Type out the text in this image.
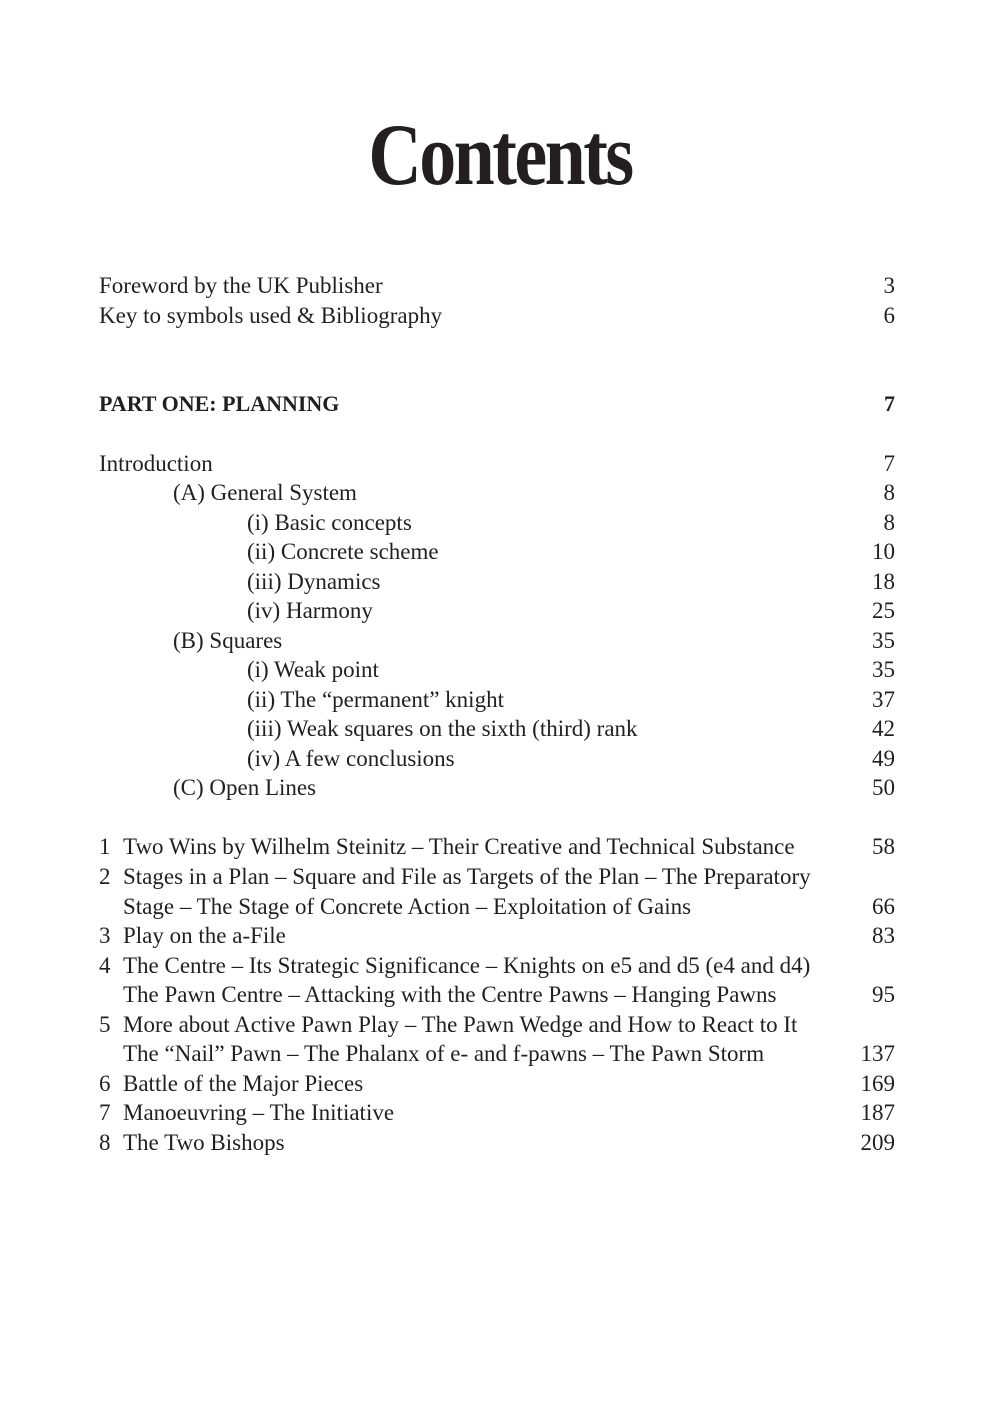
Contents
Foreword by the UK Publisher	3
Key to symbols used & Bibliography	6
PART ONE: PLANNING	7
Introduction	7
(A) General System	8
(i) Basic concepts	8
(ii) Concrete scheme	10
(iii) Dynamics	18
(iv) Harmony	25
(B) Squares	35
(i) Weak point	35
(ii) The “permanent” knight	37
(iii) Weak squares on the sixth (third) rank	42
(iv) A few conclusions	49
(C) Open Lines	50
1 Two Wins by Wilhelm Steinitz – Their Creative and Technical Substance	58
2 Stages in a Plan – Square and File as Targets of the Plan – The Preparatory
Stage – The Stage of Concrete Action – Exploitation of Gains	66
3 Play on the a-File	83
4 The Centre – Its Strategic Significance – Knights on e5 and d5 (e4 and d4)
The Pawn Centre – Attacking with the Centre Pawns – Hanging Pawns	95
5 More about Active Pawn Play – The Pawn Wedge and How to React to It
The “Nail” Pawn – The Phalanx of e- and f-pawns – The Pawn Storm	137
6 Battle of the Major Pieces	169
7 Manoeuvring – The Initiative	187
8 The Two Bishops	209
